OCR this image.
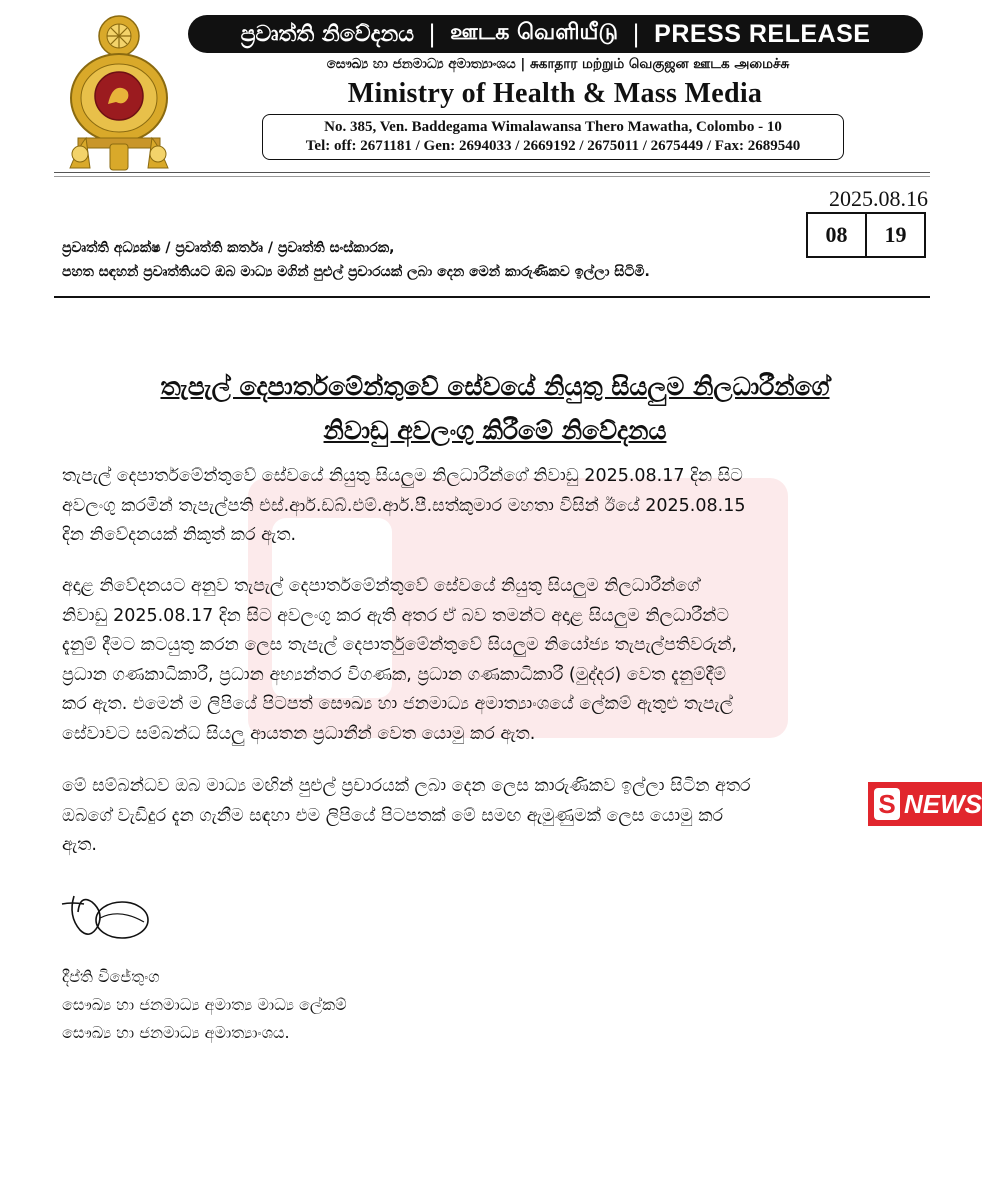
ප්‍රවෘත්ති නිවේදනය | ஊடக வெளியீடு | PRESS RELEASE
සෞඛ්‍ය හා ජනමාධ්‍ය අමාත්‍යාංශය | சுகாதார மற்றும் வெகுஜன ஊடக அமைச்சு
Ministry of Health & Mass Media
No. 385, Ven. Baddegama Wimalawansa Thero Mawatha, Colombo - 10
Tel: off: 2671181 / Gen: 2694033 / 2669192 / 2675011 / 2675449 / Fax: 2689540
2025.08.16
08	19
ප්‍රවෘත්ති අධ්‍යක්ෂ / ප්‍රවෘත්ති කර්තෘ / ප්‍රවෘත්ති සංස්කාරක,
පහත සඳහන් ප්‍රවෘත්තියට ඔබ මාධ්‍ය මගින් පුළුල් ප්‍රචාරයක් ලබා දෙන මෙන් කාරුණිකව ඉල්ලා සිටිමි.
තැපැල් දෙපාර්තමේන්තුවේ සේවයේ නියුතු සියලුම නිලධාරීන්ගේ
නිවාඩු අවලංගු කිරීමේ නිවේදනය
තැපැල් දෙපාර්තමේන්තුවේ සේවයේ නියුතු සියලුම නිලධාරීන්ගේ නිවාඩු 2025.08.17 දින සිට
අවලංගු කරමින් තැපැල්පති එස්.ආර්.ඩබ්.එම්.ආර්.පී.සත්කුමාර මහතා විසින් ඊයේ 2025.08.15
දින නිවේදනයක් නිකුත් කර ඇත.
අදාළ නිවේදනයට අනුව තැපැල් දෙපාර්තමේන්තුවේ සේවයේ නියුතු සියලුම නිලධාරීන්ගේ
නිවාඩු 2025.08.17 දින සිට අවලංගු කර ඇති අතර ඒ බව තමන්ට අදාළ සියලුම නිලධාරීන්ට
දැනුම් දීමට කටයුතු කරන ලෙස තැපැල් දෙපාර්තුමේන්තුවේ සියලුම නියෝජ්‍ය තැපැල්පතිවරුන්,
ප්‍රධාන ගණකාධිකාරී, ප්‍රධාන අභ්‍යන්තර විගණක, ප්‍රධාන ගණකාධිකාරී (මුද්දර) වෙත දැනුම්දීම්
කර ඇත. එමෙන් ම ලිපියේ පිටපත් සෞඛ්‍ය හා ජනමාධ්‍ය අමාත්‍යාංශයේ ලේකම් ඇතුළු තැපැල්
සේවාවට සම්බන්ධ සියලු ආයතන ප්‍රධානීන් වෙත යොමු කර ඇත.
මේ සම්බන්ධව ඔබ මාධ්‍ය මඟින් පුළුල් ප්‍රචාරයක් ලබා දෙන ලෙස කාරුණිකව ඉල්ලා සිටින අතර
ඔබගේ වැඩිදුර දැන ගැනීම සඳහා එම ලිපියේ පිටපතක් මේ සමඟ ඇමුණුමක් ලෙස යොමු කර
ඇත.
S NEWS
දීප්ති විජේතුංග
සෞඛ්‍ය හා ජනමාධ්‍ය අමාත්‍ය මාධ්‍ය ලේකම්
සෞඛ්‍ය හා ජනමාධ්‍ය අමාත්‍යාංශය.
